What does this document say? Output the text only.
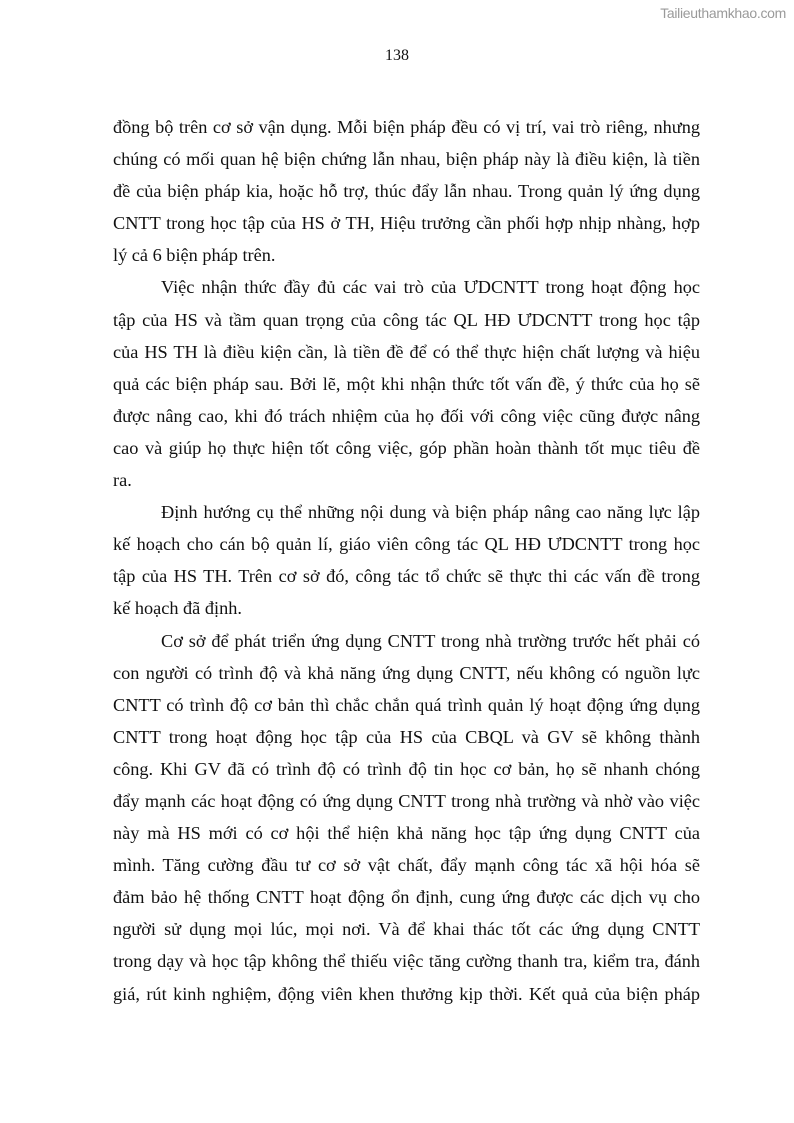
Tailieuthamkhao.com
138
đồng bộ trên cơ sở vận dụng. Mỗi biện pháp đều có vị trí, vai trò riêng, nhưng
chúng có mối quan hệ biện chứng lẫn nhau, biện pháp này là điều kiện, là tiền
đề của biện pháp kia, hoặc hỗ trợ, thúc đẩy lẫn nhau. Trong quản lý ứng dụng
CNTT trong học tập của HS ở TH, Hiệu trưởng cần phối hợp nhịp nhàng, hợp
lý cả 6 biện pháp trên.
Việc nhận thức đầy đủ các vai trò của ƯDCNTT trong hoạt động học
tập của HS và tầm quan trọng của công tác QL HĐ ƯDCNTT trong học tập
của HS TH là điều kiện cần, là tiền đề để có thể thực hiện chất lượng và hiệu
quả các biện pháp sau. Bởi lẽ, một khi nhận thức tốt vấn đề, ý thức của họ sẽ
được nâng cao, khi đó trách nhiệm của họ đối với công việc cũng được nâng
cao và giúp họ thực hiện tốt công việc, góp phần hoàn thành tốt mục tiêu đề
ra.
Định hướng cụ thể những nội dung và biện pháp nâng cao năng lực lập
kế hoạch cho cán bộ quản lí, giáo viên công tác QL HĐ ƯDCNTT trong học
tập của HS TH. Trên cơ sở đó, công tác tổ chức sẽ thực thi các vấn đề trong
kế hoạch đã định.
Cơ sở để phát triển ứng dụng CNTT trong nhà trường trước hết phải có
con người có trình độ và khả năng ứng dụng CNTT, nếu không có nguồn lực
CNTT có trình độ cơ bản thì chắc chắn quá trình quản lý hoạt động ứng dụng
CNTT trong hoạt động học tập của HS của CBQL và GV sẽ không thành
công. Khi GV đã có trình độ có trình độ tin học cơ bản, họ sẽ nhanh chóng
đẩy mạnh các hoạt động có ứng dụng CNTT trong nhà trường và nhờ vào việc
này mà HS mới có cơ hội thể hiện khả năng học tập ứng dụng CNTT của
mình. Tăng cường đầu tư cơ sở vật chất, đẩy mạnh công tác xã hội hóa sẽ
đảm bảo hệ thống CNTT hoạt động ổn định, cung ứng được các dịch vụ cho
người sử dụng mọi lúc, mọi nơi. Và để khai thác tốt các ứng dụng CNTT
trong dạy và học tập không thể thiếu việc tăng cường thanh tra, kiểm tra, đánh
giá, rút kinh nghiệm, động viên khen thưởng kịp thời. Kết quả của biện pháp
